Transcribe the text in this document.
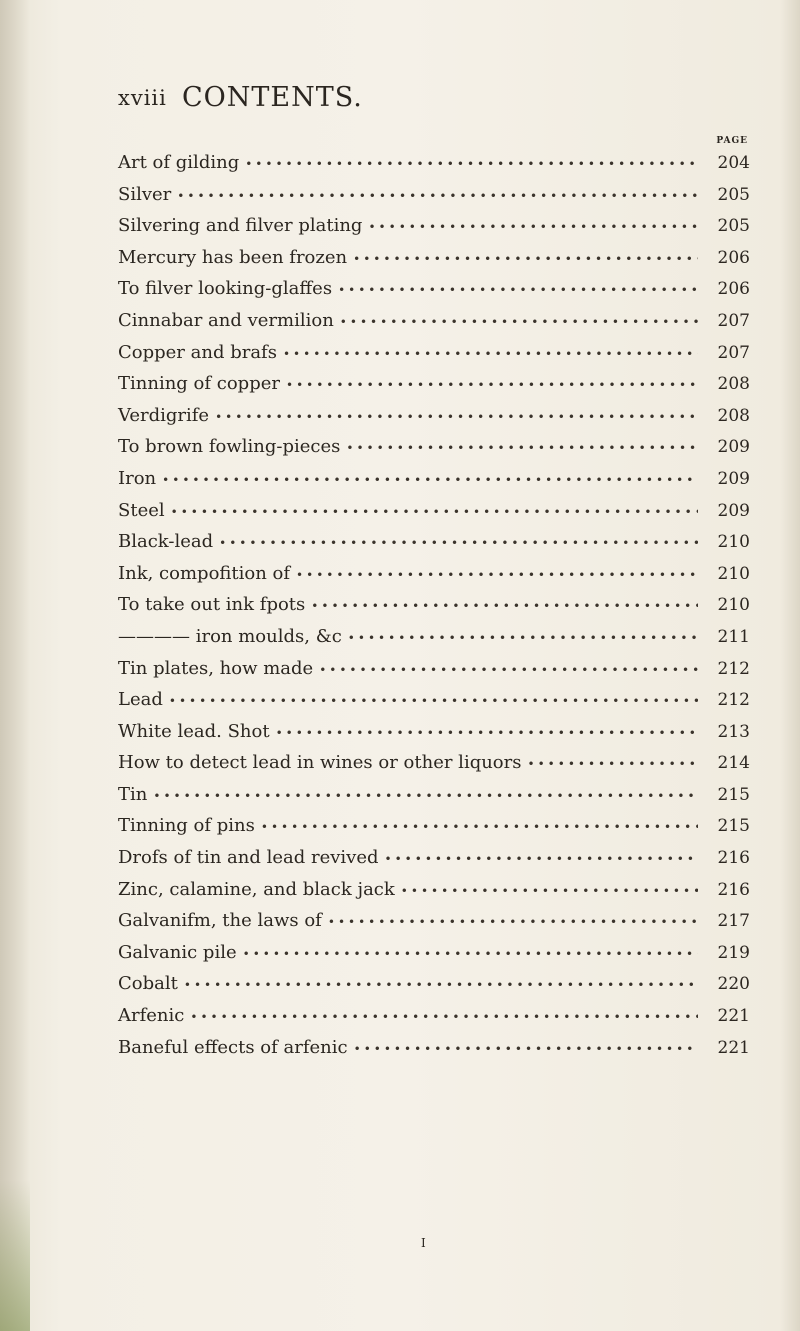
xviii CONTENTS.
PAGE
Art of gilding •••••	204
Silver •••••	205
Silvering and filver plating •••••	205
Mercury has been frozen •••••	206
To filver looking-glaffes •••••	206
Cinnabar and vermilion •••••	207
Copper and brafs •••••	207
Tinning of copper •••••	208
Verdigrife •••••	208
To brown fowling-pieces •••••	209
Iron •••••	209
Steel •••••	209
Black-lead •••••	210
Ink, compofition of •••••	210
To take out ink fpots •••••	210
———— iron moulds, &c •••••	211
Tin plates, how made •••••	212
Lead •••••	212
White lead. Shot •••••	213
How to detect lead in wines or other liquors •••••	214
Tin •••••	215
Tinning of pins •••••	215
Drofs of tin and lead revived •••••	216
Zinc, calamine, and black jack •••••	216
Galvanifm, the laws of •••••	217
Galvanic pile •••••	219
Cobalt •••••	220
Arfenic •••••	221
Baneful effects of arfenic •••••	221
I
